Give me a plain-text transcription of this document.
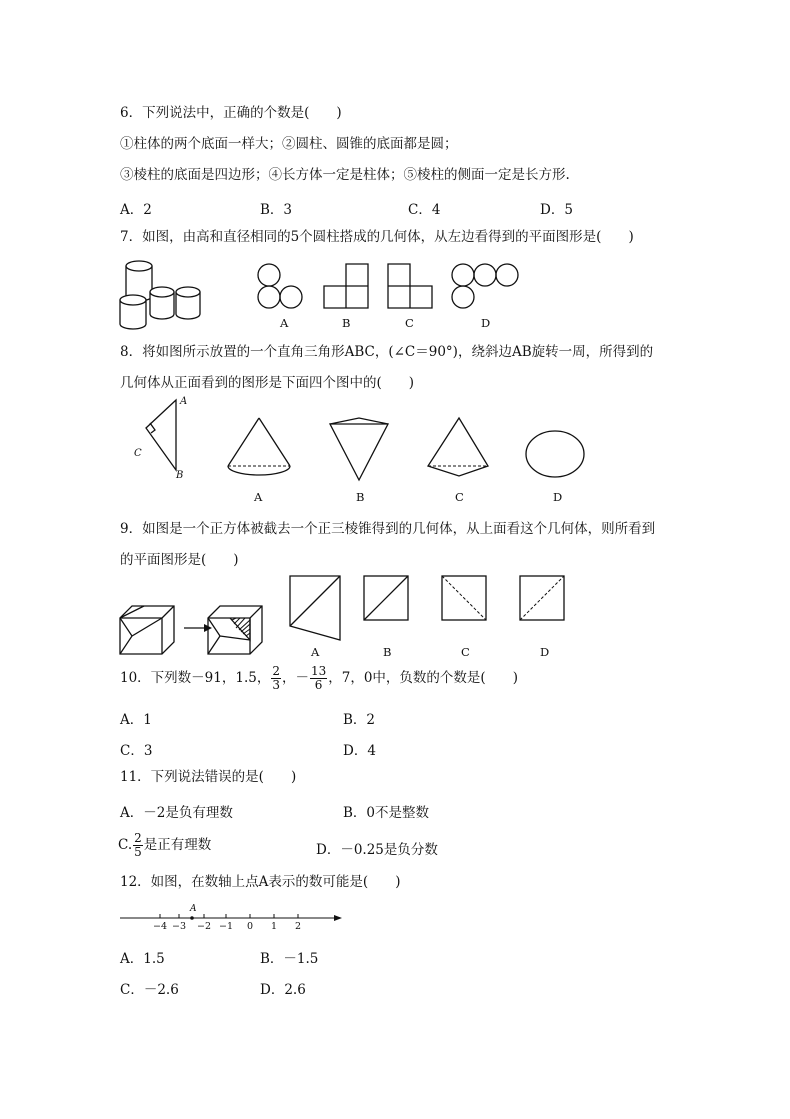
6．下列说法中，正确的个数是(　　)
①柱体的两个底面一样大；②圆柱、圆锥的底面都是圆；
③棱柱的底面是四边形；④长方体一定是柱体；⑤棱柱的侧面一定是长方形.
A．2	B．3	C．4	D．5
7．如图，由高和直径相同的5个圆柱搭成的几何体，从左边看得到的平面图形是(　　)
A	B	C	D
8．将如图所示放置的一个直角三角形ABC，(∠C＝90°)，绕斜边AB旋转一周，所得到的
几何体从正面看到的图形是下面四个图中的(　　)
A
B
C
A	B	C	D
9．如图是一个正方体被截去一个正三棱锥得到的几何体，从上面看这个几何体，则所看到
的平面图形是(　　)
A	B	C	D
10．下列数－91，1.5， $\frac{2}{3}$ ，－ $\frac{13}{6}$ ，7，0中，负数的个数是(　　)
A．1	B．2
C．3	D．4
11．下列说法错误的是(　　)
A．－2是负有理数	B．0不是整数
C. $\frac{2}{5}$ 是正有理数	D．－0.25是负分数
12．如图，在数轴上点A表示的数可能是(　　)
A
−4 −3 −2 −1 0 1 2
A．1.5	B．－1.5
C．－2.6	D．2.6
